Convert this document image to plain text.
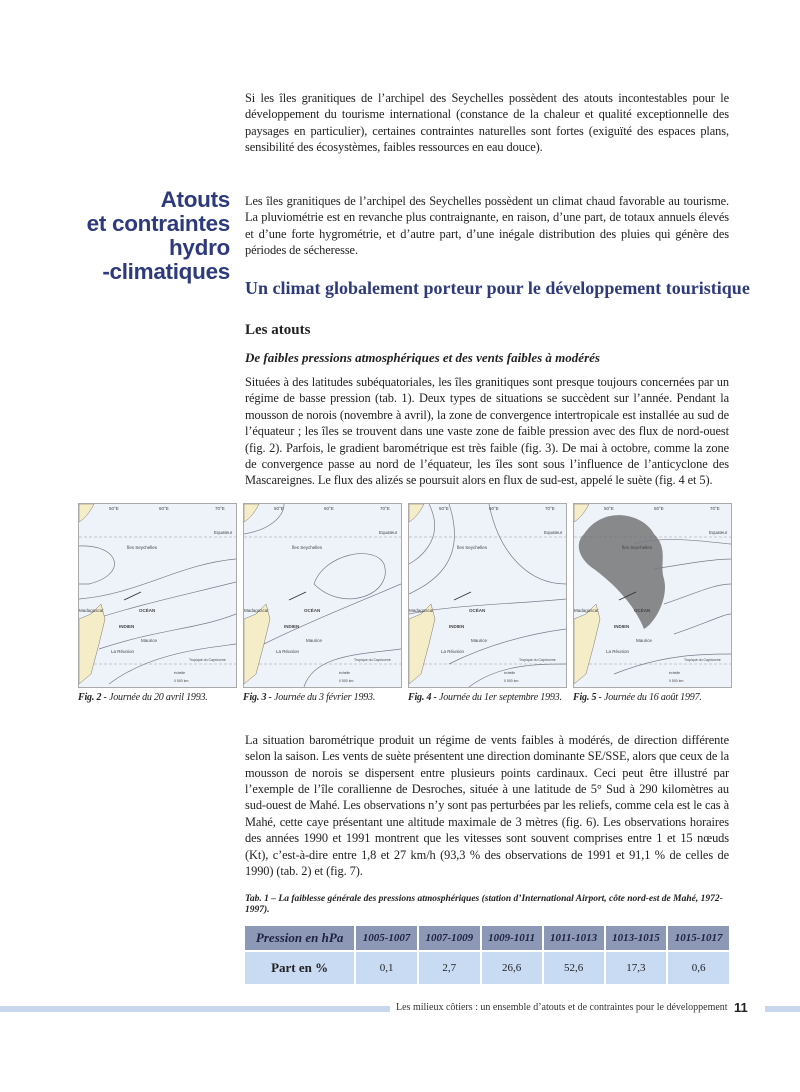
Si les îles granitiques de l’archipel des Seychelles possèdent des atouts incontestables pour le développement du tourisme international (constance de la chaleur et qualité exceptionnelle des paysages en particulier), certaines contraintes naturelles sont fortes (exiguïté des espaces plans, sensibilité des écosystèmes, faibles ressources en eau douce).

Atouts
et contraintes
hydro
-climatiques

Les îles granitiques de l’archipel des Seychelles possèdent un climat chaud favorable au tourisme. La pluviométrie est en revanche plus contraignante, en raison, d’une part, de totaux annuels élevés et d’une forte hygrométrie, et d’autre part, d’une inégale distribution des pluies qui génère des périodes de sécheresse.

Un climat globalement porteur pour le développement touristique
Les atouts
De faibles pressions atmosphériques et des vents faibles à modérés

Situées à des latitudes subéquatoriales, les îles granitiques sont presque toujours concernées par un régime de basse pression (tab. 1). Deux types de situations se succèdent sur l’année. Pendant la mousson de norois (novembre à avril), la zone de convergence intertropicale est installée au sud de l’équateur ; les îles se trouvent dans une vaste zone de faible pression avec des flux de nord-ouest (fig. 2). Parfois, le gradient barométrique est très faible (fig. 3). De mai à octobre, comme la zone de convergence passe au nord de l’équateur, les îles sont sous l’influence de l’anticyclone des Mascareignes. Le flux des alizés se poursuit alors en flux de sud-est, appelé le suète (fig. 4 et 5).

50°E	60°E	70°E
Equateur
Îles Seychelles
OCÉAN
INDIEN
Madagascar
Maurice
La Réunion
Tropique du Capricorne
échelle
0 500 km
Fig. 2 - Journée du 20 avril 1993.
50°E	60°E	70°E
Equateur
Îles Seychelles
OCÉAN
INDIEN
Madagascar
Maurice
La Réunion
Tropique du Capricorne
échelle
0 500 km
Fig. 3 - Journée du 3 février 1993.
50°E	60°E	70°E
Equateur
Îles Seychelles
OCÉAN
INDIEN
Madagascar
Maurice
La Réunion
Tropique du Capricorne
échelle
0 500 km
Fig. 4 - Journée du 1er septembre 1993.
50°E	60°E	70°E
Equateur
Îles Seychelles
OCÉAN
INDIEN
Madagascar
Maurice
La Réunion
Tropique du Capricorne
échelle
0 500 km
Fig. 5 - Journée du 16 août 1997.

La situation barométrique produit un régime de vents faibles à modérés, de direction différente selon la saison. Les vents de suète présentent une direction dominante SE/SSE, alors que ceux de la mousson de norois se dispersent entre plusieurs points cardinaux. Ceci peut être illustré par l’exemple de l’île corallienne de Desroches, située à une latitude de 5° Sud à 290 kilomètres au sud-ouest de Mahé. Les observations n’y sont pas perturbées par les reliefs, comme cela est le cas à Mahé, cette caye présentant une altitude maximale de 3 mètres (fig. 6). Les observations horaires des années 1990 et 1991 montrent que les vitesses sont souvent comprises entre 1 et 15 nœuds (Kt), c’est-à-dire entre 1,8 et 27 km/h (93,3 % des observations de 1991 et 91,1 % de celles de 1990) (tab. 2) et (fig. 7).

Tab. 1 – La faiblesse générale des pressions atmosphériques (station d’International Airport, côte nord-est de Mahé, 1972-1997).
Pression en hPa	1005-1007	1007-1009	1009-1011	1011-1013	1013-1015	1015-1017
Part en %	0,1	2,7	26,6	52,6	17,3	0,6
Les milieux côtiers : un ensemble d’atouts et de contraintes pour le développement 11
